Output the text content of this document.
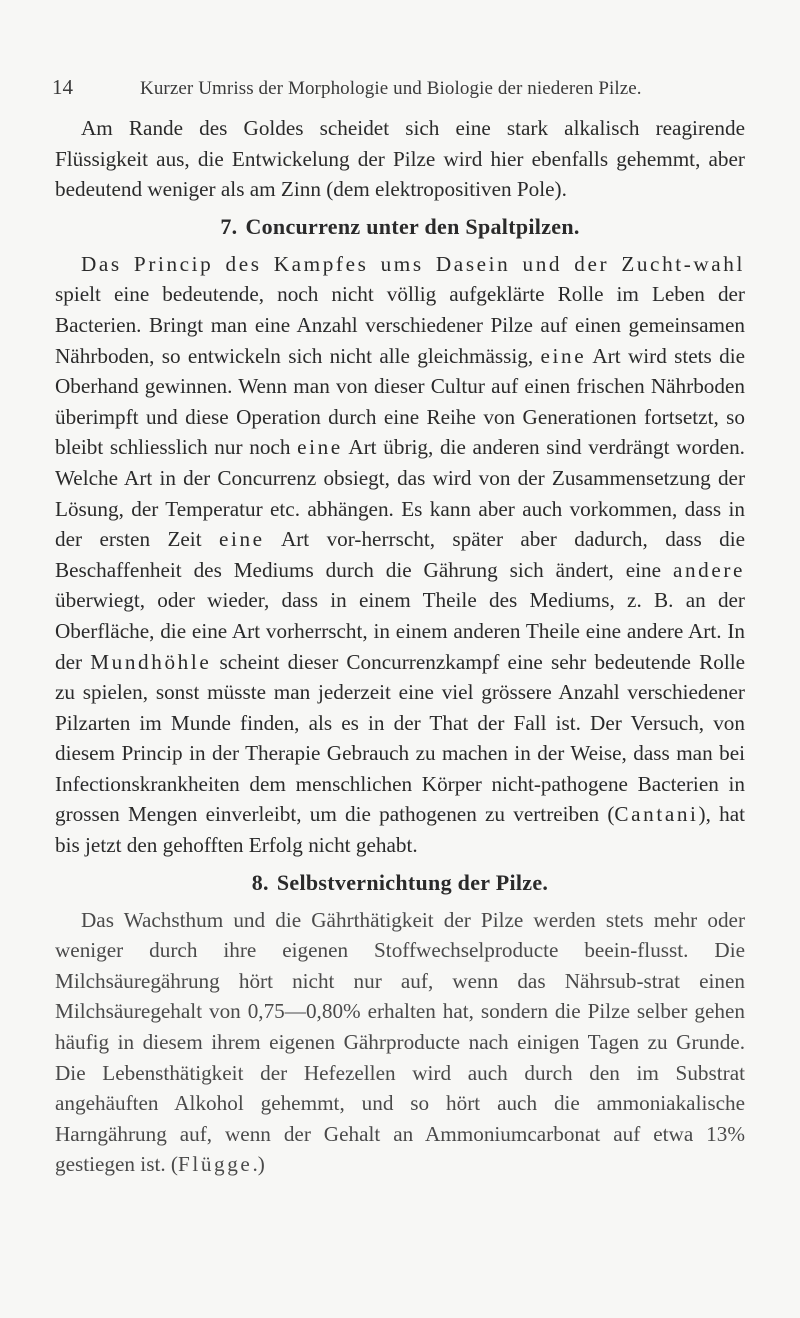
14	Kurzer Umriss der Morphologie und Biologie der niederen Pilze.

Am Rande des Goldes scheidet sich eine stark alkalisch reagirende Flüssigkeit aus, die Entwickelung der Pilze wird hier ebenfalls gehemmt, aber bedeutend weniger als am Zinn (dem elektropositiven Pole).

7. Concurrenz unter den Spaltpilzen.

Das Princip des Kampfes ums Dasein und der Zucht-wahl spielt eine bedeutende, noch nicht völlig aufgeklärte Rolle im Leben der Bacterien. Bringt man eine Anzahl verschiedener Pilze auf einen gemeinsamen Nährboden, so entwickeln sich nicht alle gleichmässig, eine Art wird stets die Oberhand gewinnen. Wenn man von dieser Cultur auf einen frischen Nährboden überimpft und diese Operation durch eine Reihe von Generationen fortsetzt, so bleibt schliesslich nur noch eine Art übrig, die anderen sind verdrängt worden. Welche Art in der Concurrenz obsiegt, das wird von der Zusammensetzung der Lösung, der Temperatur etc. abhängen. Es kann aber auch vorkommen, dass in der ersten Zeit eine Art vor-herrscht, später aber dadurch, dass die Beschaffenheit des Mediums durch die Gährung sich ändert, eine andere überwiegt, oder wieder, dass in einem Theile des Mediums, z. B. an der Oberfläche, die eine Art vorherrscht, in einem anderen Theile eine andere Art. In der Mundhöhle scheint dieser Concurrenzkampf eine sehr bedeutende Rolle zu spielen, sonst müsste man jederzeit eine viel grössere Anzahl verschiedener Pilzarten im Munde finden, als es in der That der Fall ist. Der Versuch, von diesem Princip in der Therapie Gebrauch zu machen in der Weise, dass man bei Infectionskrankheiten dem menschlichen Körper nicht-pathogene Bacterien in grossen Mengen einverleibt, um die pathogenen zu vertreiben (Cantani), hat bis jetzt den gehofften Erfolg nicht gehabt.

8. Selbstvernichtung der Pilze.

Das Wachsthum und die Gährthätigkeit der Pilze werden stets mehr oder weniger durch ihre eigenen Stoffwechselproducte beein-flusst. Die Milchsäuregährung hört nicht nur auf, wenn das Nährsub-strat einen Milchsäuregehalt von 0,75—0,80% erhalten hat, sondern die Pilze selber gehen häufig in diesem ihrem eigenen Gährproducte nach einigen Tagen zu Grunde. Die Lebensthätigkeit der Hefezellen wird auch durch den im Substrat angehäuften Alkohol gehemmt, und so hört auch die ammoniakalische Harngährung auf, wenn der Gehalt an Ammoniumcarbonat auf etwa 13% gestiegen ist. (Flügge.)
